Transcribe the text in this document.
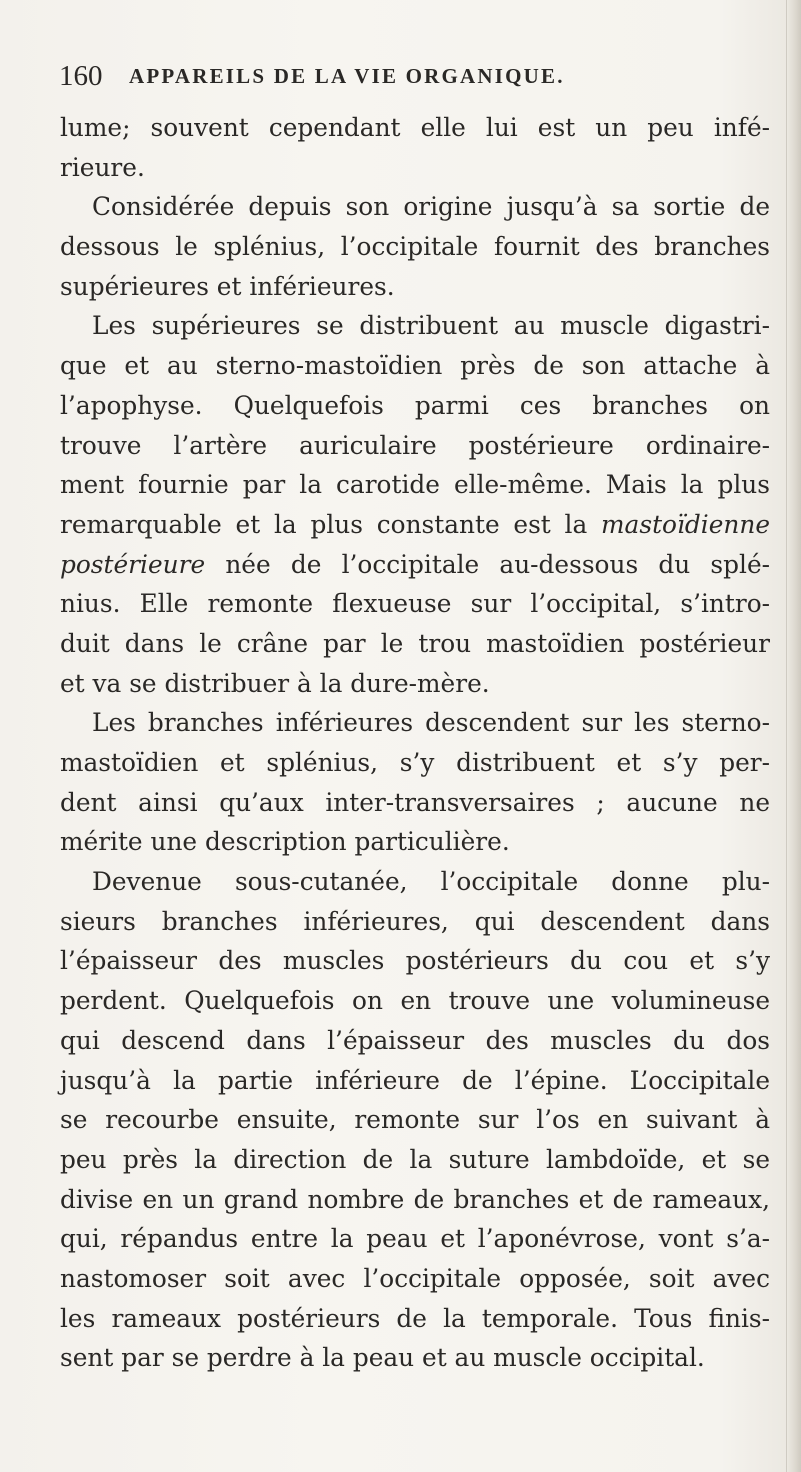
160 APPAREILS DE LA VIE ORGANIQUE.
lume; souvent cependant elle lui est un peu infé-
rieure.
Considérée depuis son origine jusqu’à sa sortie de
dessous le splénius, l’occipitale fournit des branches
supérieures et inférieures.
Les supérieures se distribuent au muscle digastri-
que et au sterno-mastoïdien près de son attache à
l’apophyse. Quelquefois parmi ces branches on
trouve l’artère auriculaire postérieure ordinaire-
ment fournie par la carotide elle-même. Mais la plus
remarquable et la plus constante est la mastoïdienne
postérieure née de l’occipitale au-dessous du splé-
nius. Elle remonte flexueuse sur l’occipital, s’intro-
duit dans le crâne par le trou mastoïdien postérieur
et va se distribuer à la dure-mère.
Les branches inférieures descendent sur les sterno-
mastoïdien et splénius, s’y distribuent et s’y per-
dent ainsi qu’aux inter-transversaires ; aucune ne
mérite une description particulière.
Devenue sous-cutanée, l’occipitale donne plu-
sieurs branches inférieures, qui descendent dans
l’épaisseur des muscles postérieurs du cou et s’y
perdent. Quelquefois on en trouve une volumineuse
qui descend dans l’épaisseur des muscles du dos
jusqu’à la partie inférieure de l’épine. L’occipitale
se recourbe ensuite, remonte sur l’os en suivant à
peu près la direction de la suture lambdoïde, et se
divise en un grand nombre de branches et de rameaux,
qui, répandus entre la peau et l’aponévrose, vont s’a-
nastomoser soit avec l’occipitale opposée, soit avec
les rameaux postérieurs de la temporale. Tous finis-
sent par se perdre à la peau et au muscle occipital.
